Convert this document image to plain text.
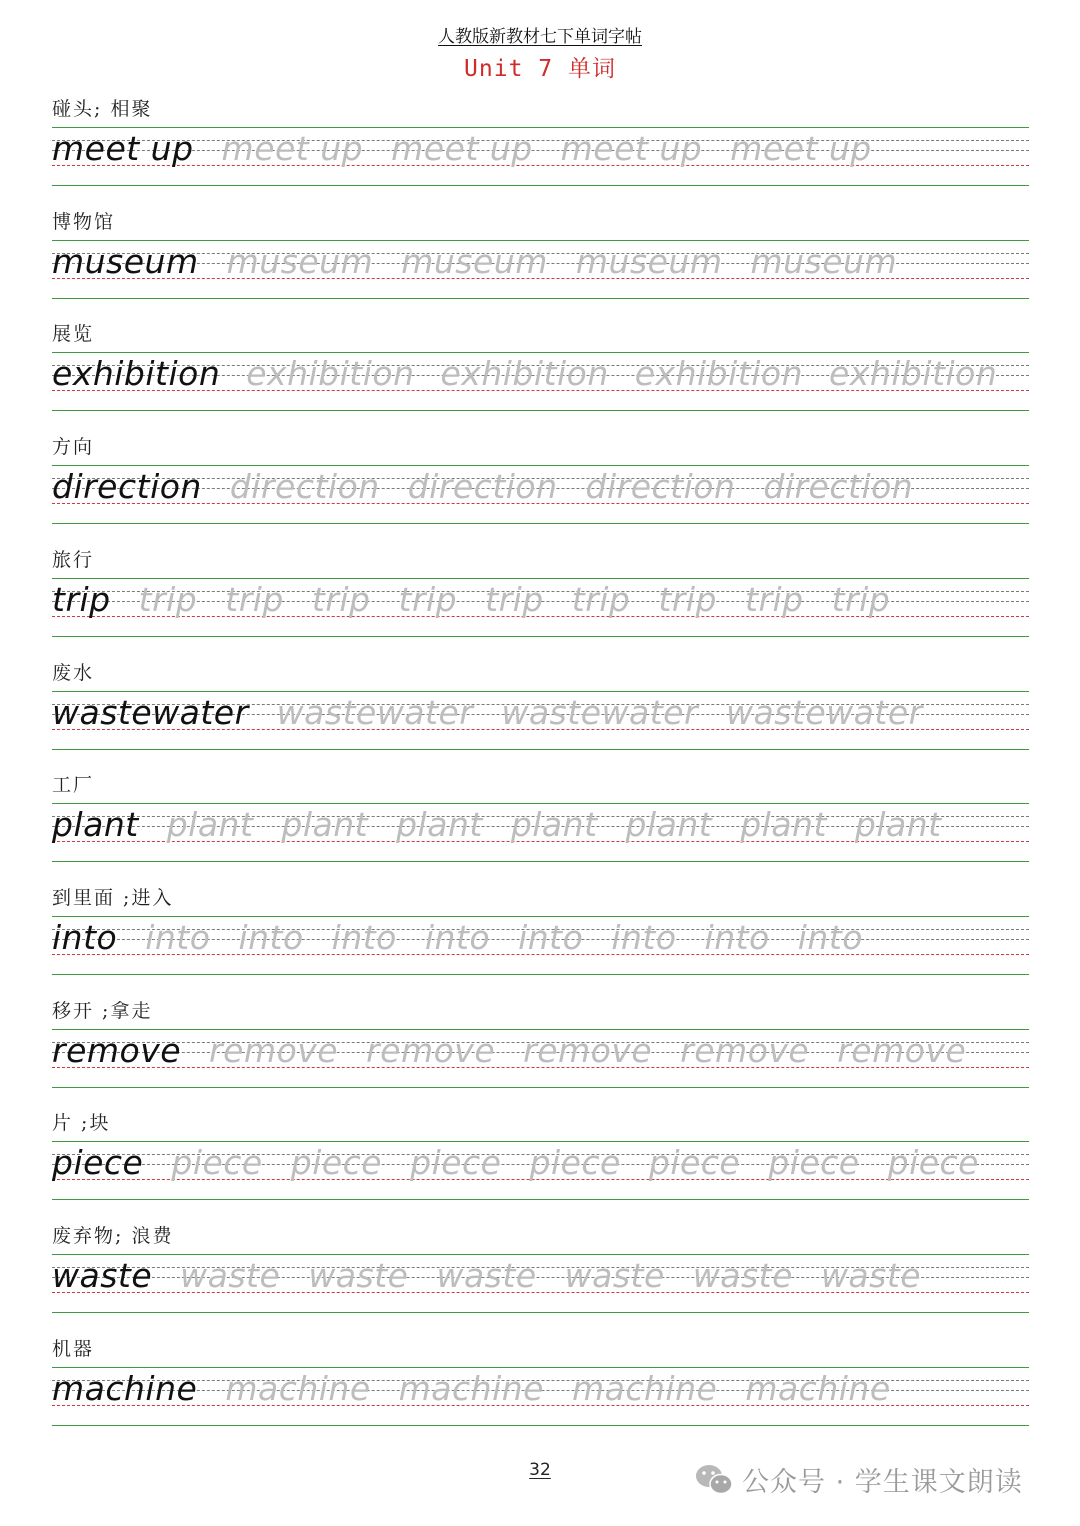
人教版新教材七下单词字帖
Unit 7 单词
碰头; 相聚
meet up meet up meet up meet up meet up
博物馆
museum museum museum museum museum
展览
exhibition exhibition exhibition exhibition exhibition
方向
direction direction direction direction direction
旅行
trip trip trip trip trip trip trip trip trip trip
废水
wastewater wastewater wastewater wastewater
工厂
plant plant plant plant plant plant plant plant
到里面 ;进入
into into into into into into into into into
移开 ;拿走
remove remove remove remove remove remove
片 ;块
piece piece piece piece piece piece piece piece
废弃物; 浪费
waste waste waste waste waste waste waste
机器
machine machine machine machine machine
32	公众号 · 学生课文朗读
